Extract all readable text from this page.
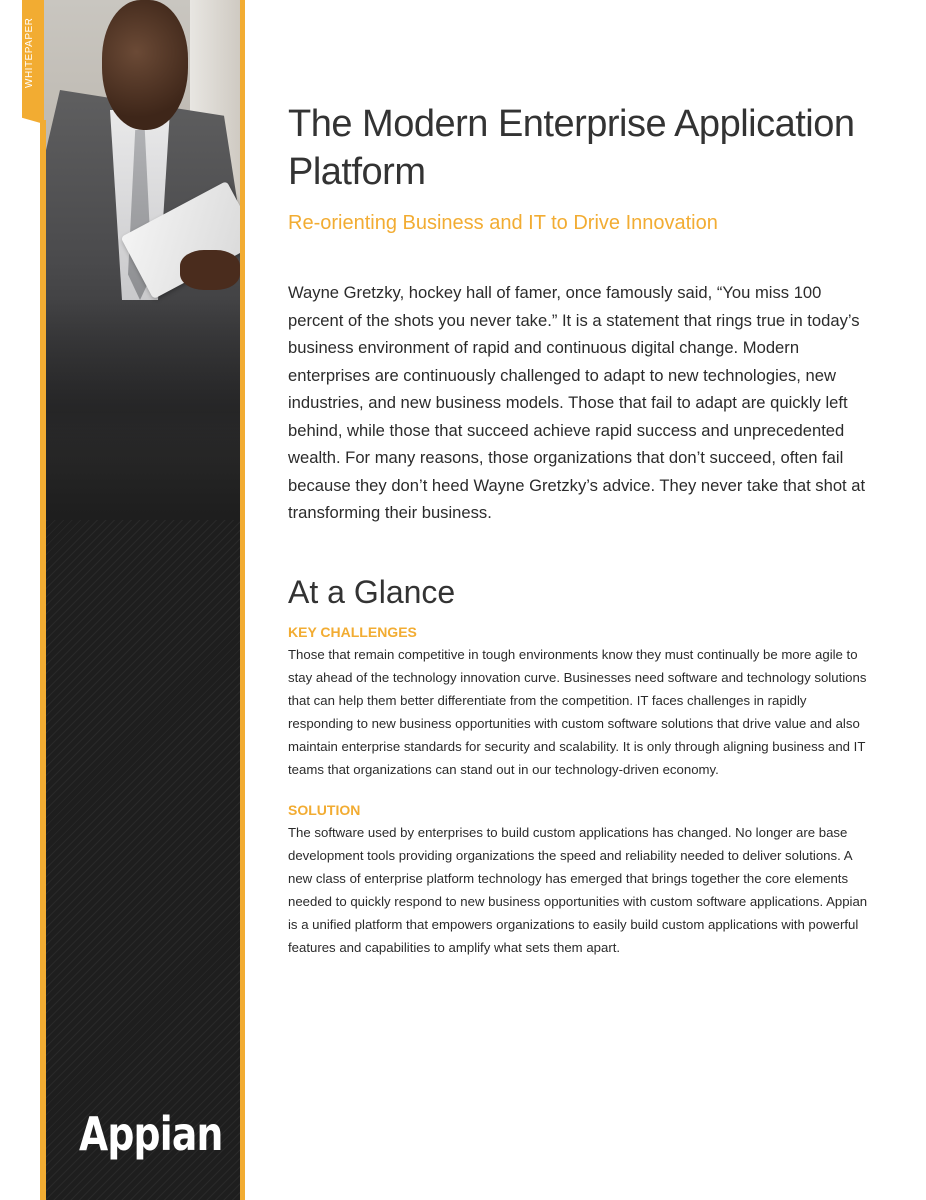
WHITEPAPER
Appian
The Modern Enterprise Application Platform
Re-orienting Business and IT to Drive Innovation

Wayne Gretzky, hockey hall of famer, once famously said, “You miss 100 percent of the shots you never take.” It is a statement that rings true in today’s business environment of rapid and continuous digital change. Modern enterprises are continuously challenged to adapt to new technologies, new industries, and new business models. Those that fail to adapt are quickly left behind, while those that succeed achieve rapid success and unprecedented wealth. For many reasons, those organizations that don’t succeed, often fail because they don’t heed Wayne Gretzky’s advice. They never take that shot at transforming their business.

At a Glance
KEY CHALLENGES

Those that remain competitive in tough environments know they must continually be more agile to stay ahead of the technology innovation curve. Businesses need software and technology solutions that can help them better differentiate from the competition. IT faces challenges in rapidly responding to new business opportunities with custom software solutions that drive value and also maintain enterprise standards for security and scalability. It is only through aligning business and IT teams that organizations can stand out in our technology-driven economy.

SOLUTION

The software used by enterprises to build custom applications has changed. No longer are base development tools providing organizations the speed and reliability needed to deliver solutions. A new class of enterprise platform technology has emerged that brings together the core elements needed to quickly respond to new business opportunities with custom software applications. Appian is a unified platform that empowers organizations to easily build custom applications with powerful features and capabilities to amplify what sets them apart.
